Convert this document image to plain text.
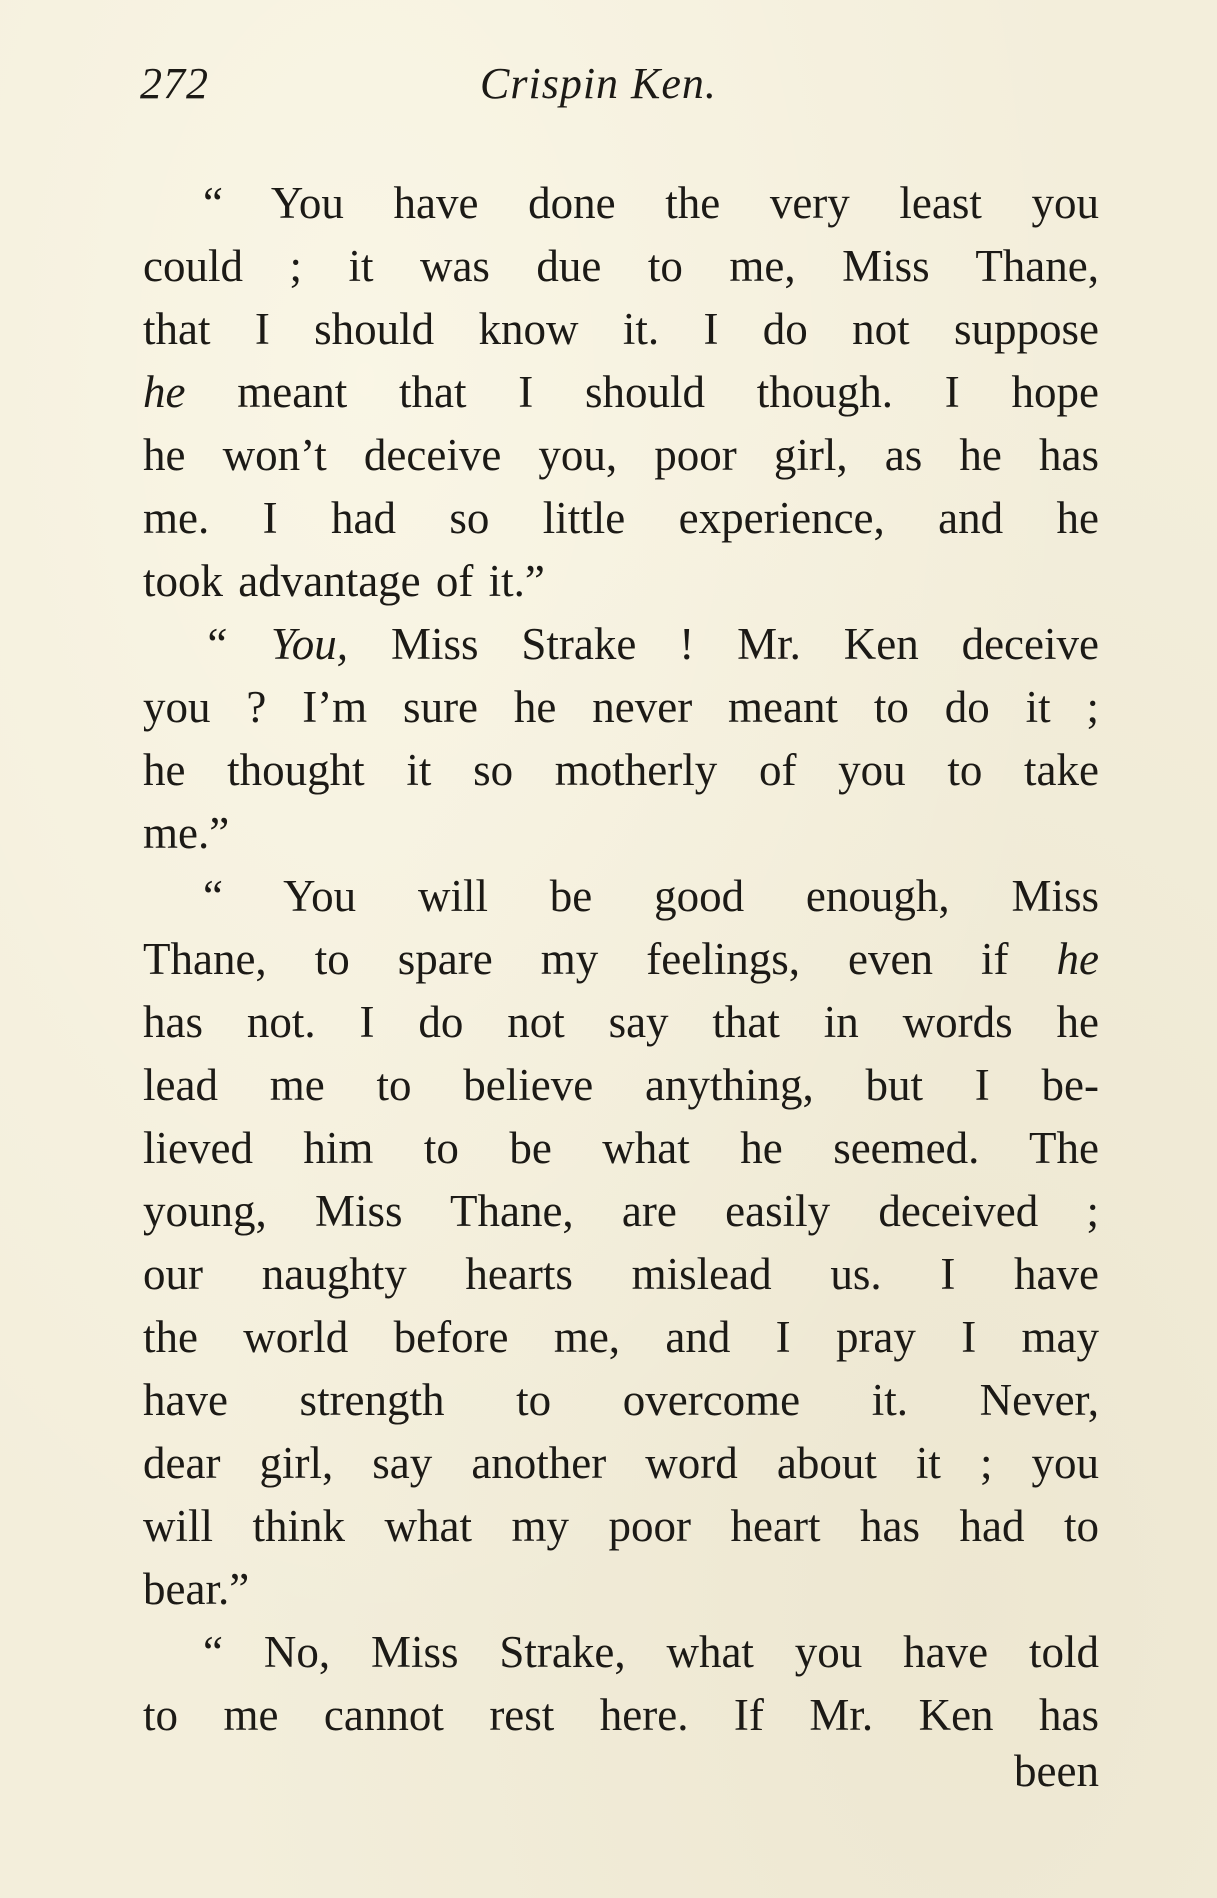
272	Crispin Ken.
“ You have done the very least you
could ; it was due to me, Miss Thane,
that I should know it. I do not suppose
he meant that I should though. I hope
he won’t deceive you, poor girl, as he has
me. I had so little experience, and he
took advantage of it.”
“ You, Miss Strake ! Mr. Ken deceive
you ? I’m sure he never meant to do it ;
he thought it so motherly of you to take
me.”
“ You will be good enough, Miss
Thane, to spare my feelings, even if he
has not. I do not say that in words he
lead me to believe anything, but I be-
lieved him to be what he seemed. The
young, Miss Thane, are easily deceived ;
our naughty hearts mislead us. I have
the world before me, and I pray I may
have strength to overcome it. Never,
dear girl, say another word about it ; you
will think what my poor heart has had to
bear.”
“ No, Miss Strake, what you have told
to me cannot rest here. If Mr. Ken has
been
